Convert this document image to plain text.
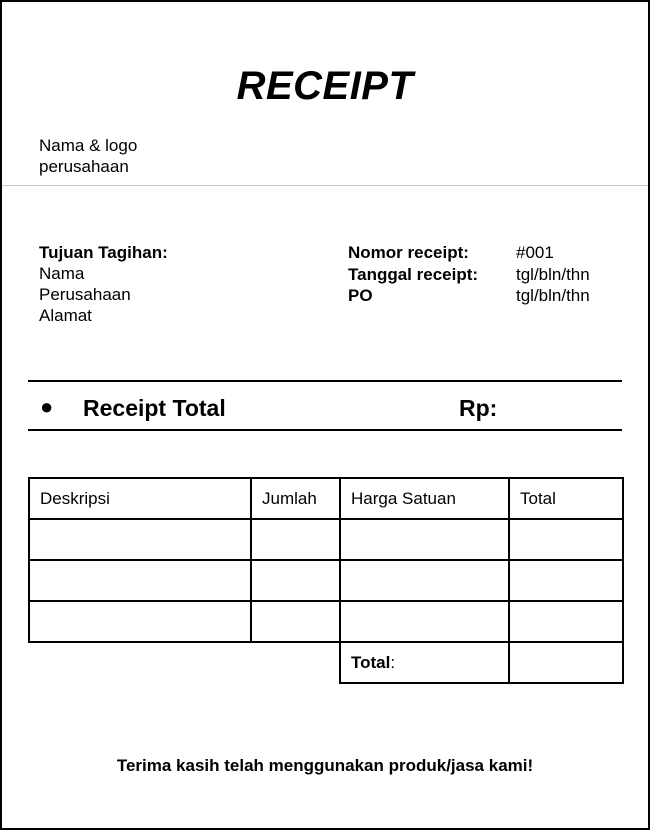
RECEIPT
Nama & logo
perusahaan
Tujuan Tagihan:
Nama
Perusahaan
Alamat
Nomor receipt:	#001
Tanggal receipt:	tgl/bln/thn
PO	tgl/bln/thn
● Receipt Total	Rp:
Deskripsi	Jumlah	Harga Satuan	Total

		Total:	
Terima kasih telah menggunakan produk/jasa kami!
